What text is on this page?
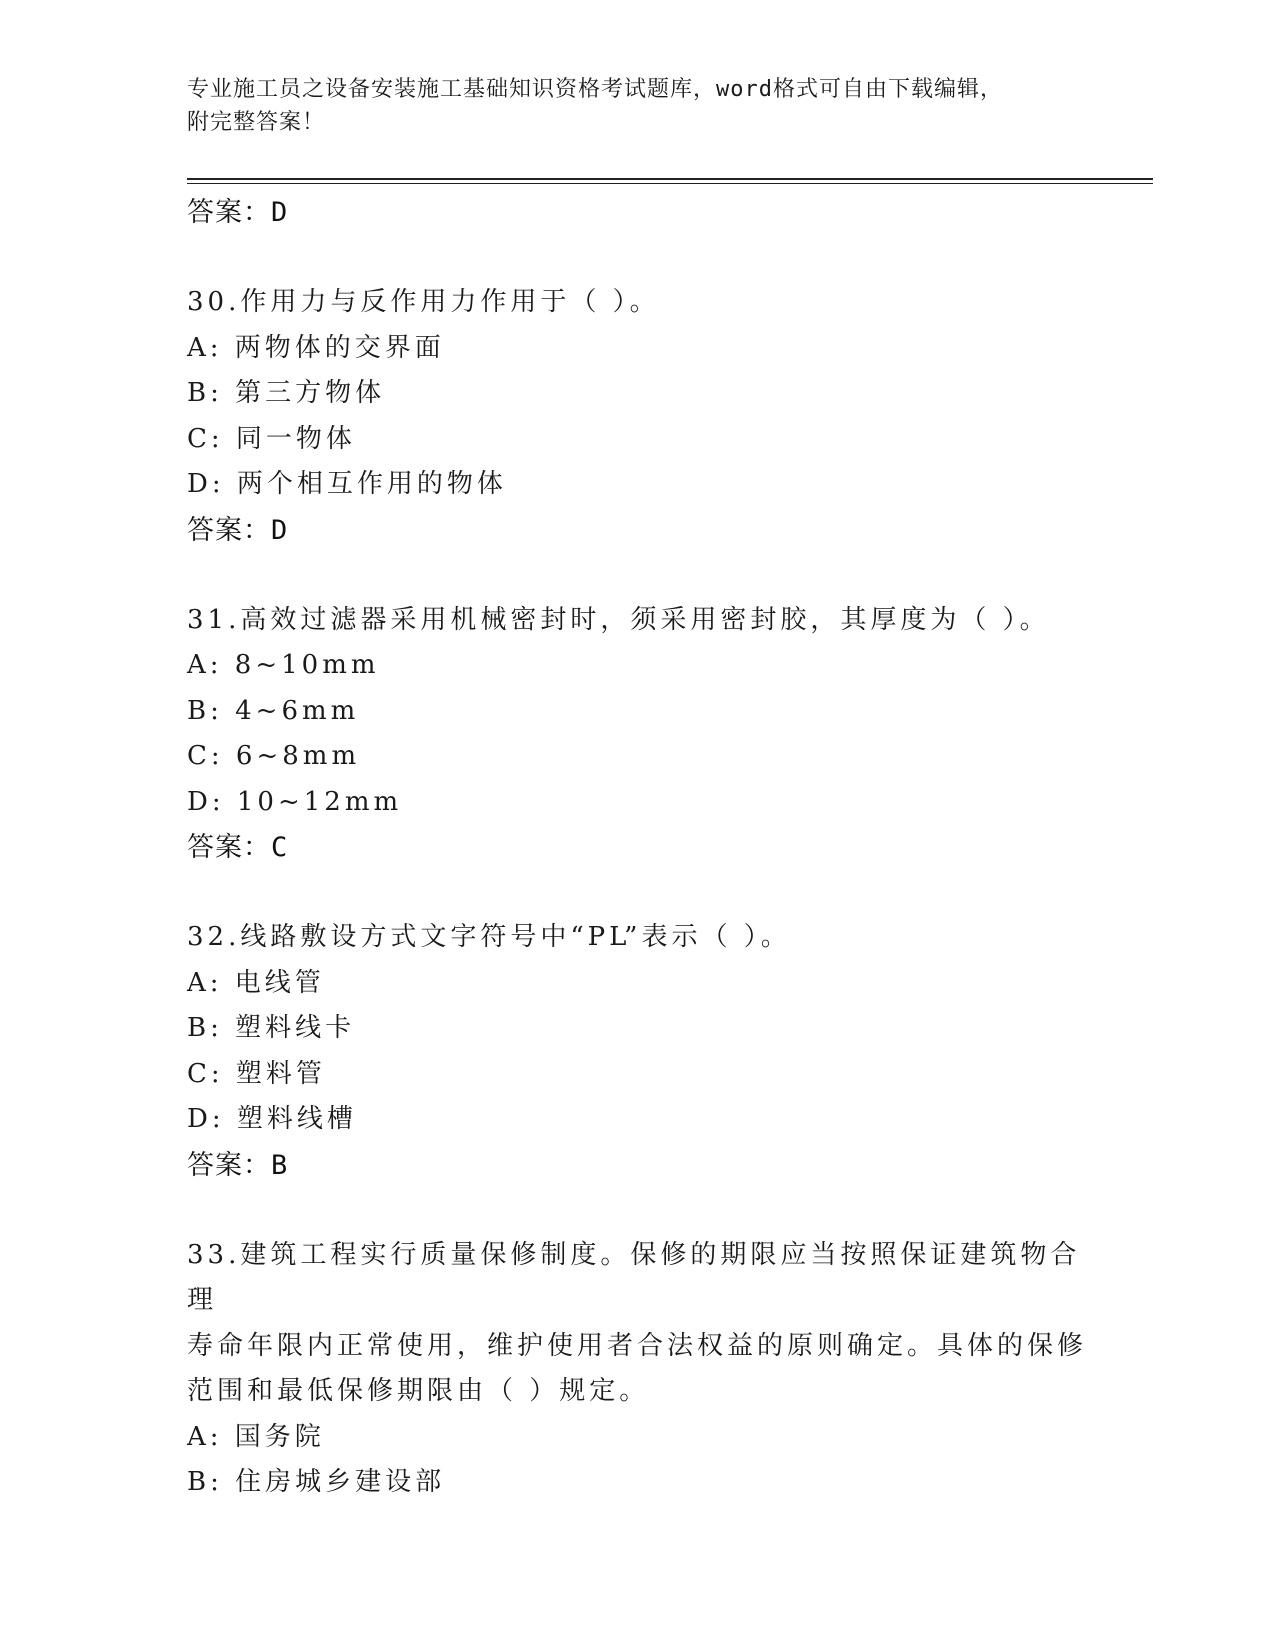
专业施工员之设备安装施工基础知识资格考试题库，word格式可自由下载编辑，
附完整答案！
答案：D
30.作用力与反作用力作用于（ ）。
A: 两物体的交界面
B: 第三方物体
C: 同一物体
D: 两个相互作用的物体
答案：D
31.高效过滤器采用机械密封时，须采用密封胶，其厚度为（ ）。
A: 8~10mm
B: 4~6mm
C: 6~8mm
D: 10~12mm
答案：C
32.线路敷设方式文字符号中“PL”表示（ ）。
A: 电线管
B: 塑料线卡
C: 塑料管
D: 塑料线槽
答案：B
33.建筑工程实行质量保修制度。保修的期限应当按照保证建筑物合理
寿命年限内正常使用，维护使用者合法权益的原则确定。具体的保修
范围和最低保修期限由（ ）规定。
A: 国务院
B: 住房城乡建设部
